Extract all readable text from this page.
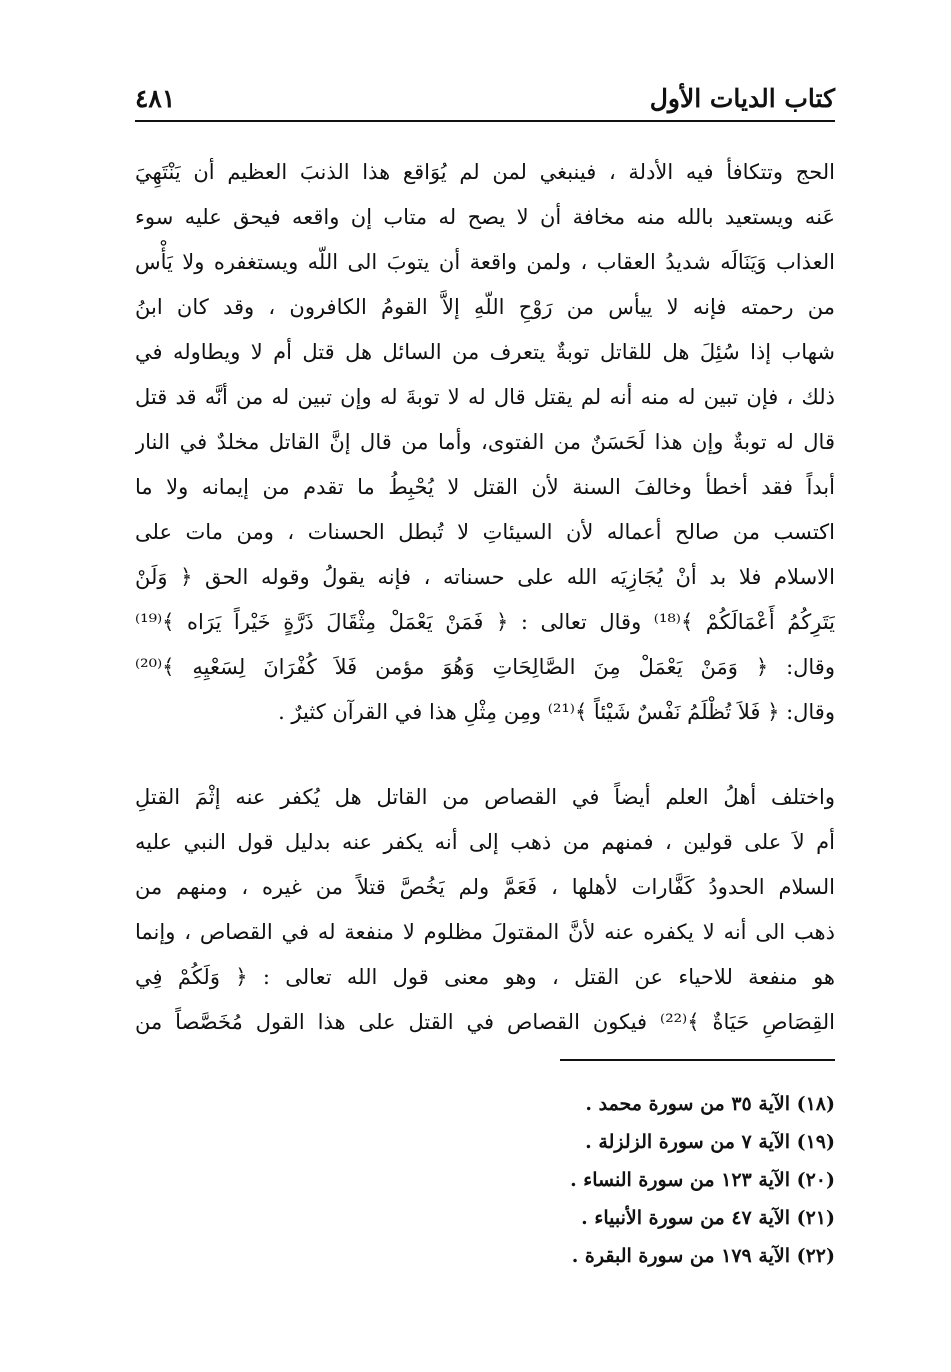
كتاب الديات الأول
٤٨١
الحج وتتكافأ فيه الأدلة ، فينبغي لمن لم يُوَاقع هذا الذنبَ العظيم أن يَنْتَهِيَ
عَنه ويستعيد بالله منه مخافة أن لا يصح له متاب إن واقعه فيحق عليه سوء
العذاب وَيَنَالَه شديدُ العقاب ، ولمن واقعة أن يتوبَ الى اللّه ويستغفره ولا يَأْس
من رحمته فإنه لا ييأس من رَوْحِ اللّهِ إلاَّ القومُ الكافرون ، وقد كان ابنُ
شهاب إذا سُئِلَ هل للقاتل توبةٌ يتعرف من السائل هل قتل أم لا ويطاوله في
ذلك ، فإن تبين له منه أنه لم يقتل قال له لا توبةَ له وإن تبين له من أنَّه قد قتل
قال له توبةٌ وإن هذا لَحَسَنٌ من الفتوى، وأما من قال إنَّ القاتل مخلدٌ في النار
أبداً فقد أخطأ وخالفَ السنة لأن القتل لا يُحْبِطُ ما تقدم من إيمانه ولا ما
اكتسب من صالح أعماله لأن السيئاتِ لا تُبطل الحسنات ، ومن مات على
الاسلام فلا بد أنْ يُجَازِيَه الله على حسناته ، فإنه يقولُ وقوله الحق ﴿ وَلَنْ
يَتَرِكُمُ أَعْمَالَكُمْ ﴾⁽¹⁸⁾ وقال تعالى : ﴿ فَمَنْ يَعْمَلْ مِثْقَالَ ذَرَّةٍ خَيْراً يَرَاه ﴾⁽¹⁹⁾
وقال: ﴿ وَمَنْ يَعْمَلْ مِنَ الصَّالِحَاتِ وَهُوَ مؤمن فَلاَ كُفْرَانَ لِسَعْيِهِ ﴾⁽²⁰⁾
وقال: ﴿ فَلاَ تُظْلَمُ نَفْسٌ شَيْئاً ﴾⁽²¹⁾ ومِن مِثْلِ هذا في القرآن كثيرٌ .
واختلف أهلُ العلم أيضاً في القصاص من القاتل هل يُكفر عنه إثْمَ القتلِ
أم لاَ على قولين ، فمنهم من ذهب إلى أنه يكفر عنه بدليل قول النبي عليه
السلام الحدودُ كَفَّارات لأهلها ، فَعَمَّ ولم يَخُصَّ قتلاً من غيره ، ومنهم من
ذهب الى أنه لا يكفره عنه لأنَّ المقتولَ مظلوم لا منفعة له في القصاص ، وإنما
هو منفعة للاحياء عن القتل ، وهو معنى قول الله تعالى : ﴿ وَلَكُمْ فِي
القِصَاصِ حَيَاةٌ ﴾⁽²²⁾ فيكون القصاص في القتل على هذا القول مُخَصَّصاً من
(١٨) الآية ٣٥ من سورة محمد .
(١٩) الآية ٧ من سورة الزلزلة .
(٢٠) الآية ١٢٣ من سورة النساء .
(٢١) الآية ٤٧ من سورة الأنبياء .
(٢٢) الآية ١٧٩ من سورة البقرة .
